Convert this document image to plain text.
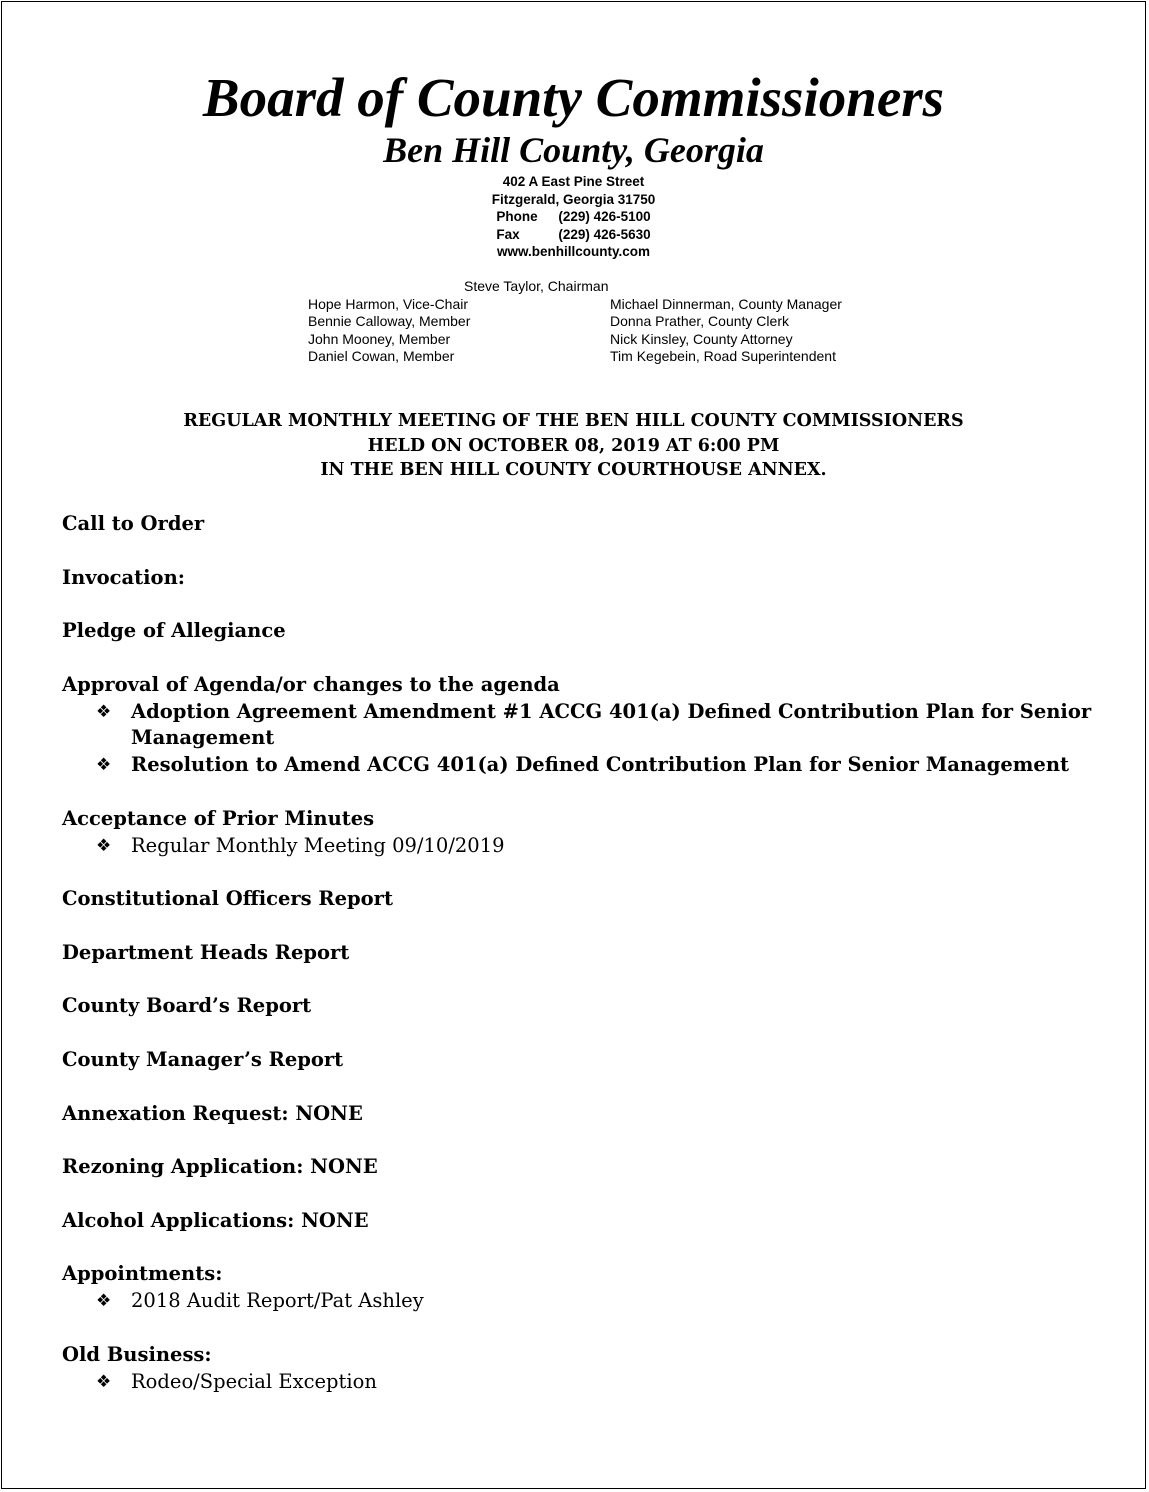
Board of County Commissioners
Ben Hill County, Georgia
402 A East Pine Street
Fitzgerald, Georgia 31750
Phone (229) 426-5100
Fax	(229) 426-5630
www.benhillcounty.com
Steve Taylor, Chairman
Hope Harmon, Vice-Chair
Bennie Calloway, Member
John Mooney, Member
Daniel Cowan, Member
Michael Dinnerman, County Manager
Donna Prather, County Clerk
Nick Kinsley, County Attorney
Tim Kegebein, Road Superintendent
REGULAR MONTHLY MEETING OF THE BEN HILL COUNTY COMMISSIONERS
HELD ON OCTOBER 08, 2019 AT 6:00 PM
IN THE BEN HILL COUNTY COURTHOUSE ANNEX.
Call to Order
Invocation:
Pledge of Allegiance
Approval of Agenda/or changes to the agenda
❖ Adoption Agreement Amendment #1 ACCG 401(a) Defined Contribution Plan for Senior Management
❖ Resolution to Amend ACCG 401(a) Defined Contribution Plan for Senior Management
Acceptance of Prior Minutes
❖ Regular Monthly Meeting 09/10/2019
Constitutional Officers Report
Department Heads Report
County Board’s Report
County Manager’s Report
Annexation Request: NONE
Rezoning Application: NONE
Alcohol Applications: NONE
Appointments:
❖ 2018 Audit Report/Pat Ashley
Old Business:
❖ Rodeo/Special Exception
